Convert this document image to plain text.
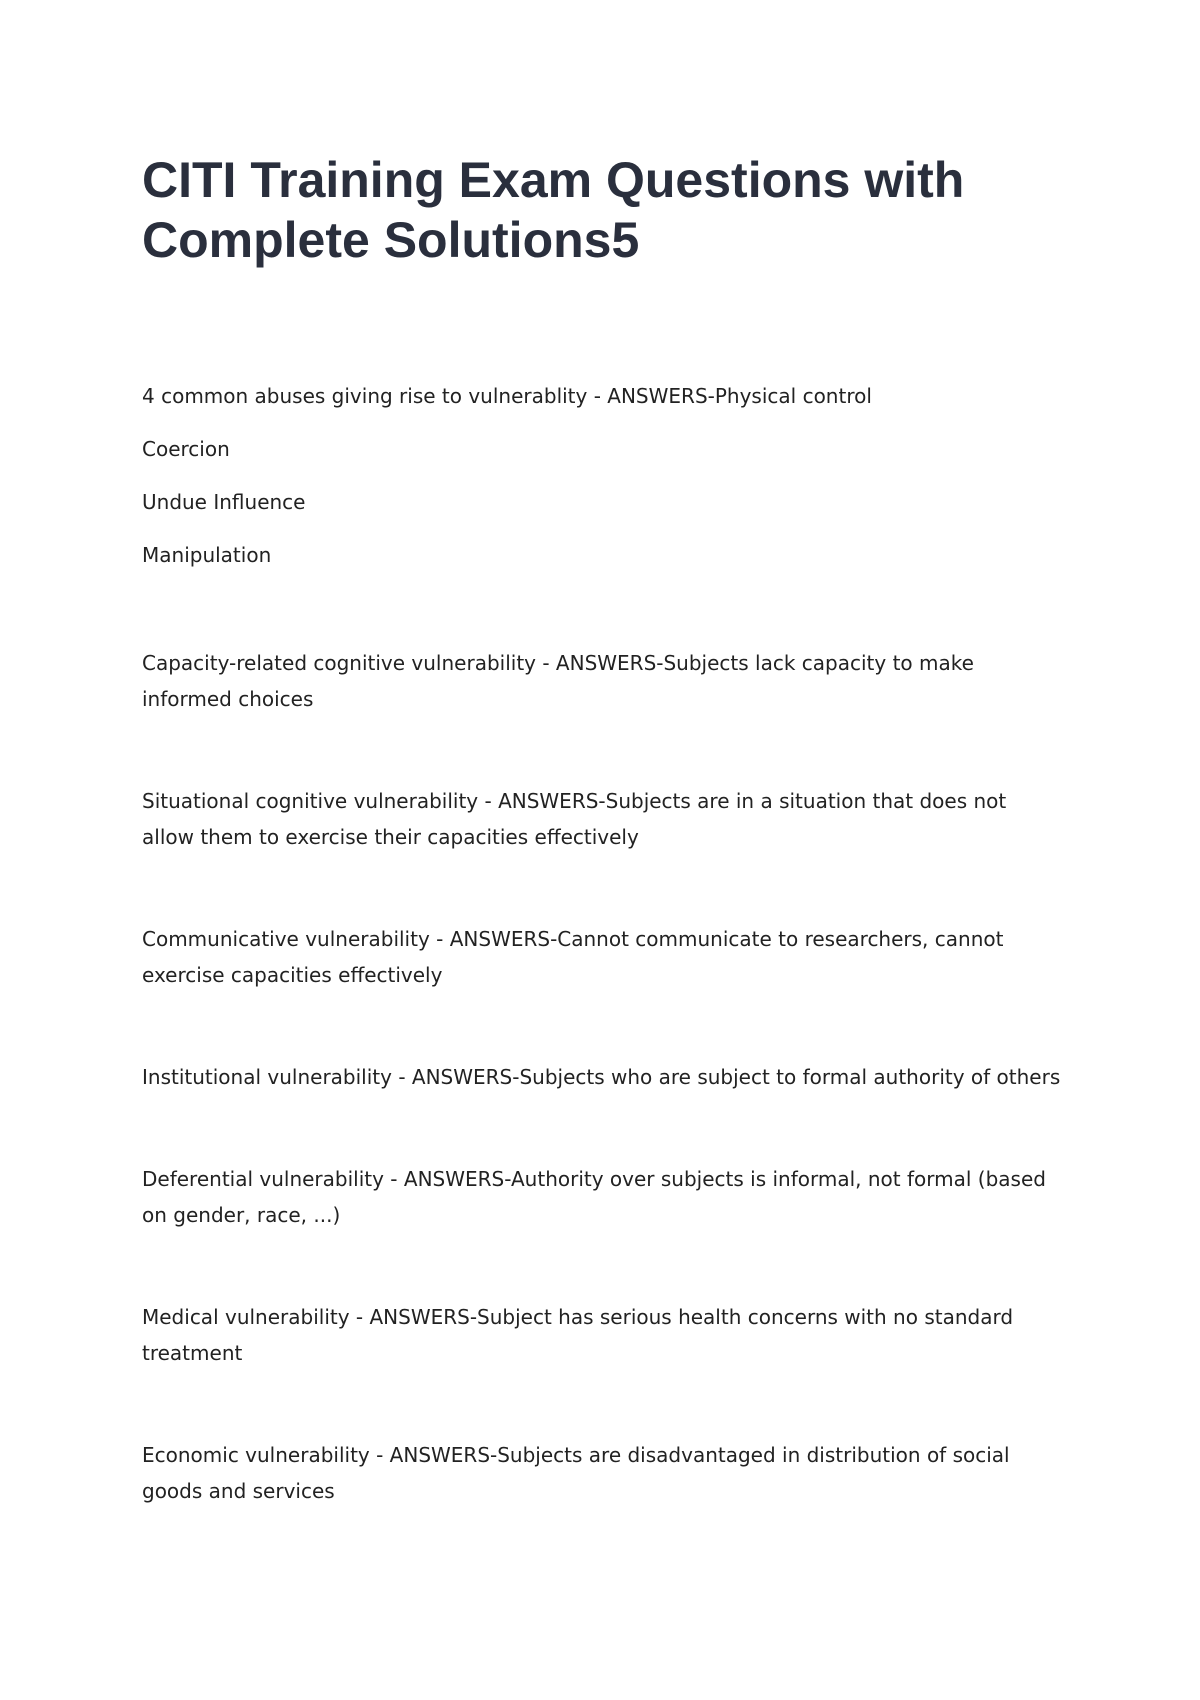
CITI Training Exam Questions with Complete Solutions5

4 common abuses giving rise to vulnerablity - ANSWERS-Physical control

Coercion

Undue Influence

Manipulation

Capacity-related cognitive vulnerability - ANSWERS-Subjects lack capacity to make informed choices

Situational cognitive vulnerability - ANSWERS-Subjects are in a situation that does not allow them to exercise their capacities effectively

Communicative vulnerability - ANSWERS-Cannot communicate to researchers, cannot exercise capacities effectively

Institutional vulnerability - ANSWERS-Subjects who are subject to formal authority of others

Deferential vulnerability - ANSWERS-Authority over subjects is informal, not formal (based on gender, race, ...)

Medical vulnerability - ANSWERS-Subject has serious health concerns with no standard treatment

Economic vulnerability - ANSWERS-Subjects are disadvantaged in distribution of social goods and services
